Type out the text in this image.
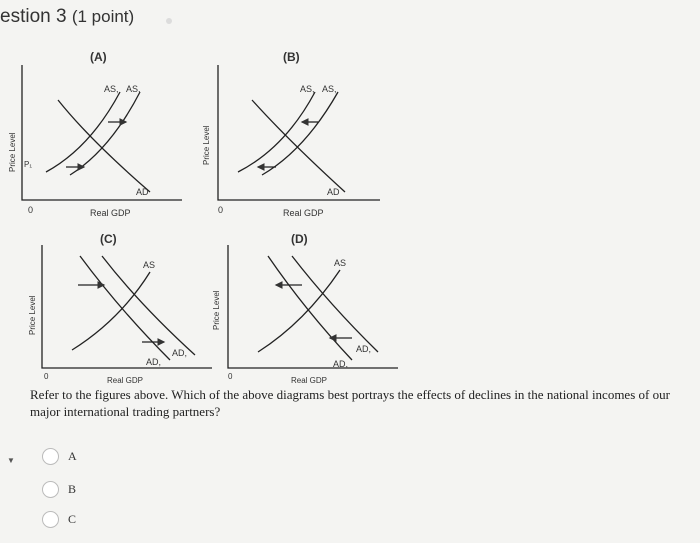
estion 3 (1 point)
(A)	(B)
(C)	(D)
Price Level	Price Level
Price Level	Price Level
P₁
Real GDP	Real GDP
Real GDP	Real GDP
0	0
0	0
AS, AS,
AD
AS, AS,
AD
AS
AD,
AD,
AS
AD,
AD,
Refer to the figures above. Which of the above diagrams best portrays the effects of declines in the national incomes of our major international trading partners?
▼	A
B
C
